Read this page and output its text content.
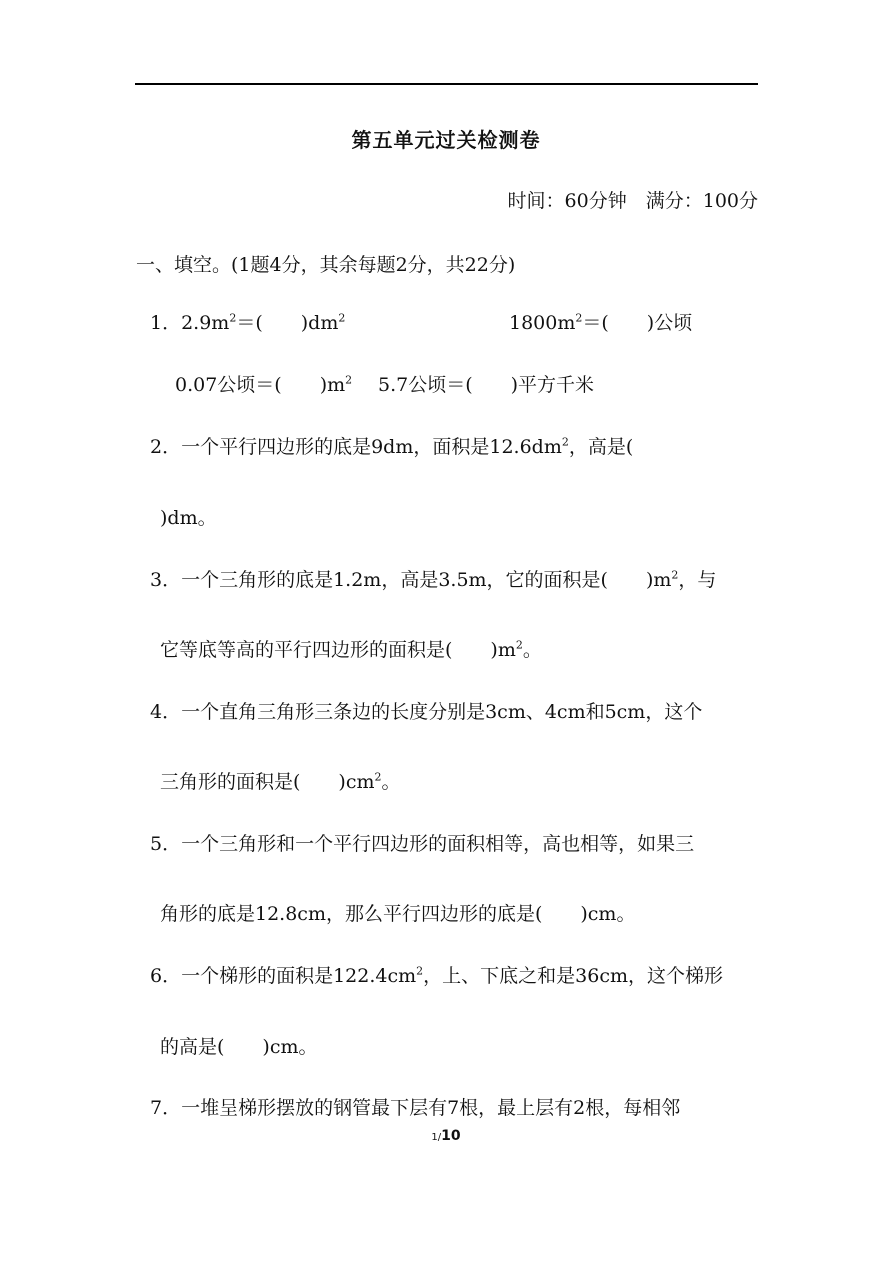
第五单元过关检测卷
时间：60分钟　满分：100分
一、填空。(1题4分，其余每题2分，共22分)
1．$2.9m^2=$(　　)$dm^2$	$1800m^2=$(　　)公顷
0.07公顷＝(　　)$m^2$ 5.7公顷＝(　　)平方千米
2．一个平行四边形的底是9dm，面积是$12.6dm^2$，高是(
)dm。
3．一个三角形的底是1.2m，高是3.5m，它的面积是(　　)$m^2$，与
它等底等高的平行四边形的面积是(　　)$m^2$。
4．一个直角三角形三条边的长度分别是3cm、4cm和5cm，这个
三角形的面积是(　　)$cm^2$。
5．一个三角形和一个平行四边形的面积相等，高也相等，如果三
角形的底是12.8cm，那么平行四边形的底是(　　)cm。
6．一个梯形的面积是$122.4cm^2$，上、下底之和是36cm，这个梯形
的高是(　　)cm。
7．一堆呈梯形摆放的钢管最下层有7根，最上层有2根，每相邻
1/10
